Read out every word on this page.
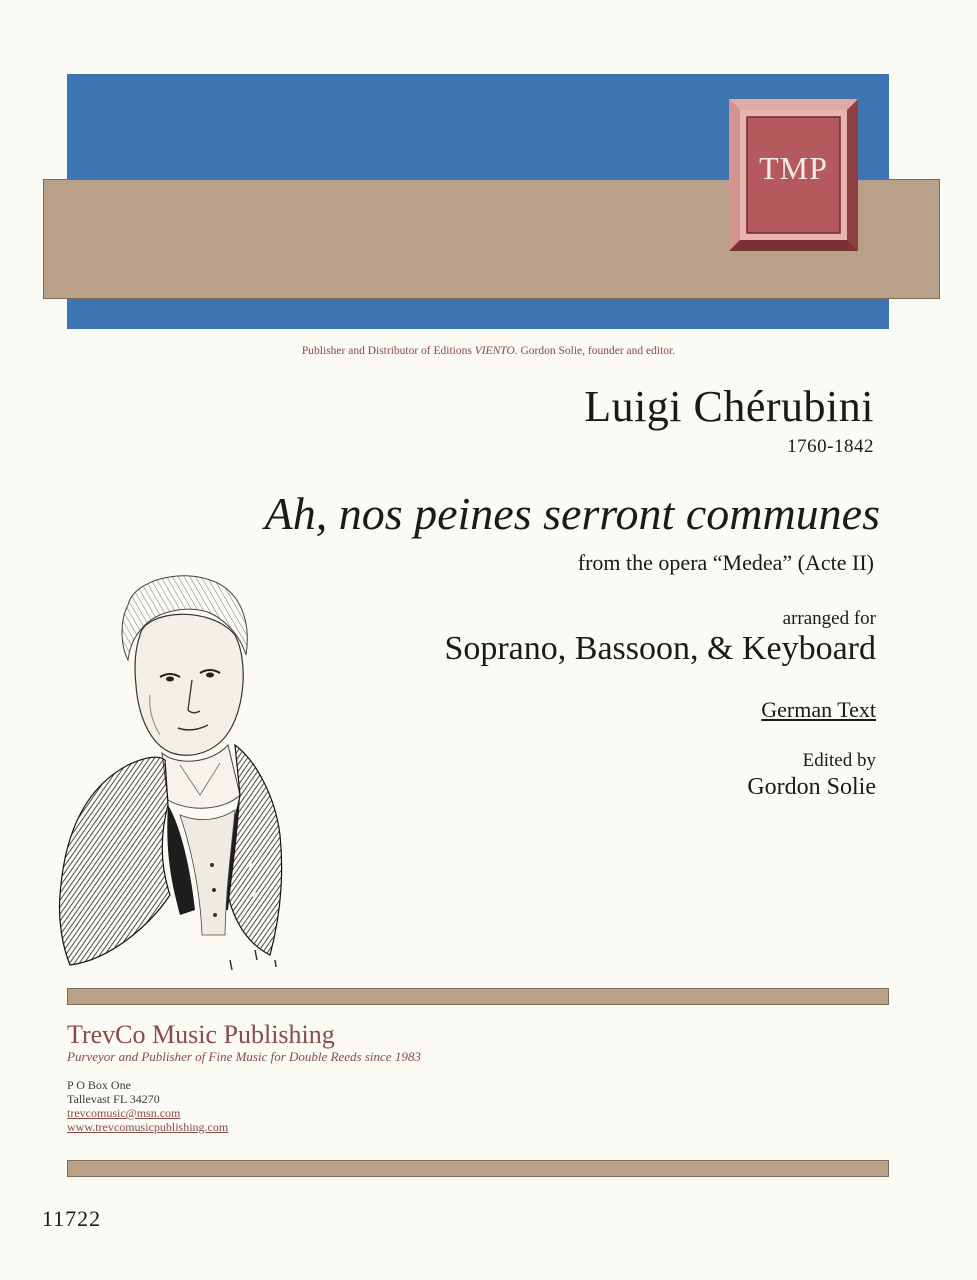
TMP
Publisher and Distributor of Editions VIENTO. Gordon Solie, founder and editor.
Luigi Chérubini
1760-1842
Ah, nos peines serront communes
from the opera “Medea” (Acte II)
arranged for
Soprano, Bassoon, & Keyboard
German Text
Edited by
Gordon Solie
TrevCo Music Publishing
Purveyor and Publisher of Fine Music for Double Reeds since 1983
P O Box One
Tallevast FL 34270
trevcomusic@msn.com
www.trevcomusicpublishing.com
11722
